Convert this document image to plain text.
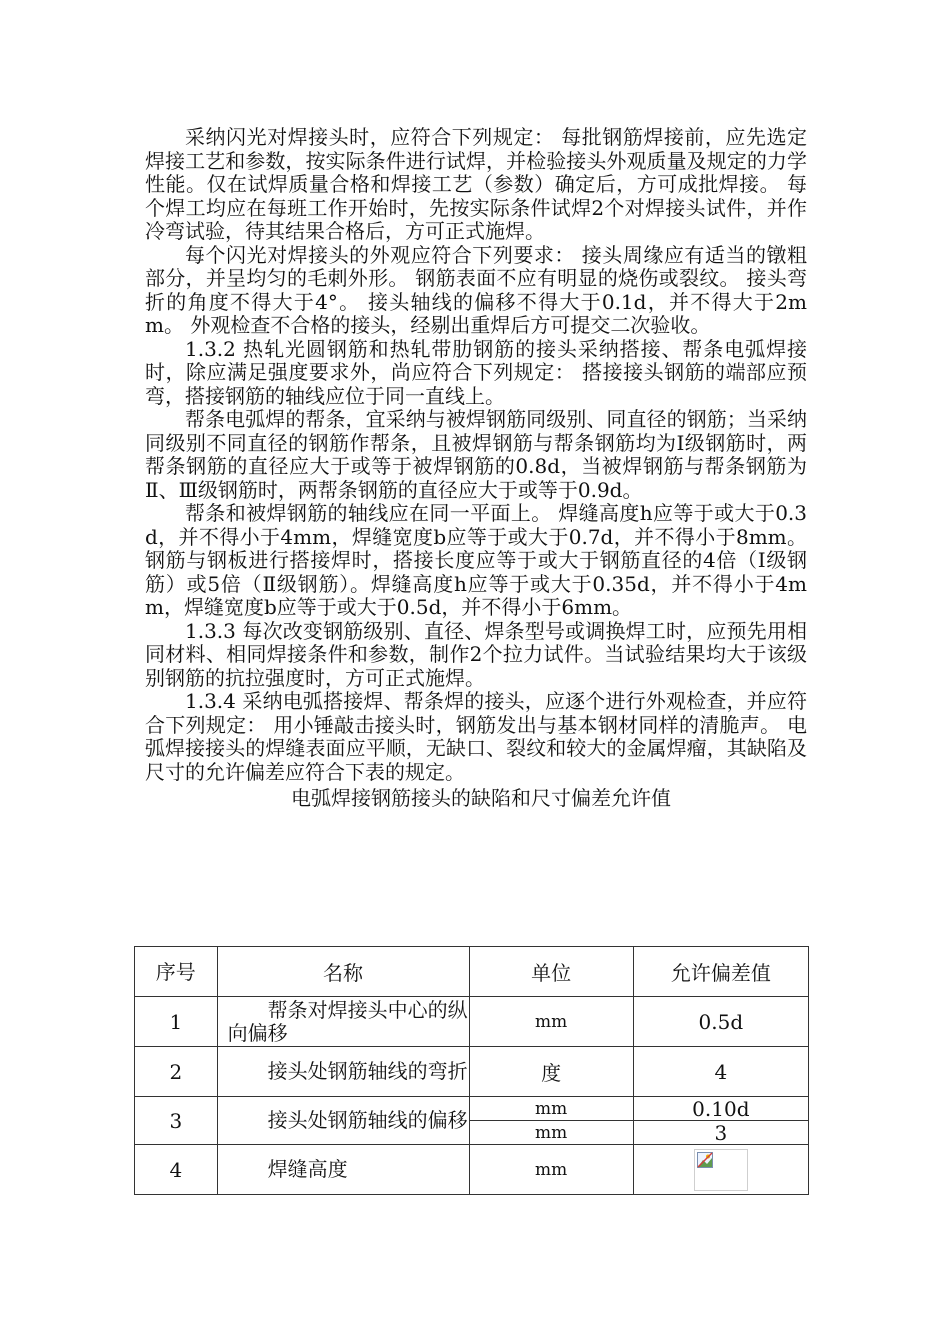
采纳闪光对焊接头时，应符合下列规定： 每批钢筋焊接前，应先选定焊接工艺和参数，按实际条件进行试焊，并检验接头外观质量及规定的力学性能。仅在试焊质量合格和焊接工艺（参数）确定后，方可成批焊接。 每个焊工均应在每班工作开始时，先按实际条件试焊2个对焊接头试件，并作冷弯试验，待其结果合格后，方可正式施焊。

每个闪光对焊接头的外观应符合下列要求： 接头周缘应有适当的镦粗部分，并呈均匀的毛刺外形。 钢筋表面不应有明显的烧伤或裂纹。 接头弯折的角度不得大于4°。 接头轴线的偏移不得大于0.1d，并不得大于2mm。 外观检查不合格的接头，经剔出重焊后方可提交二次验收。

1.3.2 热轧光圆钢筋和热轧带肋钢筋的接头采纳搭接、帮条电弧焊接时，除应满足强度要求外，尚应符合下列规定： 搭接接头钢筋的端部应预弯，搭接钢筋的轴线应位于同一直线上。

帮条电弧焊的帮条，宜采纳与被焊钢筋同级别、同直径的钢筋；当采纳同级别不同直径的钢筋作帮条，且被焊钢筋与帮条钢筋均为Ⅰ级钢筋时，两帮条钢筋的直径应大于或等于被焊钢筋的0.8d，当被焊钢筋与帮条钢筋为Ⅱ、Ⅲ级钢筋时，两帮条钢筋的直径应大于或等于0.9d。

帮条和被焊钢筋的轴线应在同一平面上。 焊缝高度h应等于或大于0.3d，并不得小于4mm，焊缝宽度b应等于或大于0.7d，并不得小于8mm。 钢筋与钢板进行搭接焊时，搭接长度应等于或大于钢筋直径的4倍（Ⅰ级钢筋）或5倍（Ⅱ级钢筋）。焊缝高度h应等于或大于0.35d，并不得小于4mm，焊缝宽度b应等于或大于0.5d，并不得小于6mm。

1.3.3 每次改变钢筋级别、直径、焊条型号或调换焊工时，应预先用相同材料、相同焊接条件和参数，制作2个拉力试件。当试验结果均大于该级别钢筋的抗拉强度时，方可正式施焊。

1.3.4 采纳电弧搭接焊、帮条焊的接头，应逐个进行外观检查，并应符合下列规定： 用小锤敲击接头时，钢筋发出与基本钢材同样的清脆声。 电弧焊接接头的焊缝表面应平顺，无缺口、裂纹和较大的金属焊瘤，其缺陷及尺寸的允许偏差应符合下表的规定。

电弧焊接钢筋接头的缺陷和尺寸偏差允许值

序号	名称	单位	允许偏差值
1	帮条对焊接头中心的纵向偏移	mm	0.5d
2	接头处钢筋轴线的弯折	度	4
3	接头处钢筋轴线的偏移	mm	0.10d
		mm	3
4	焊缝高度	mm	
